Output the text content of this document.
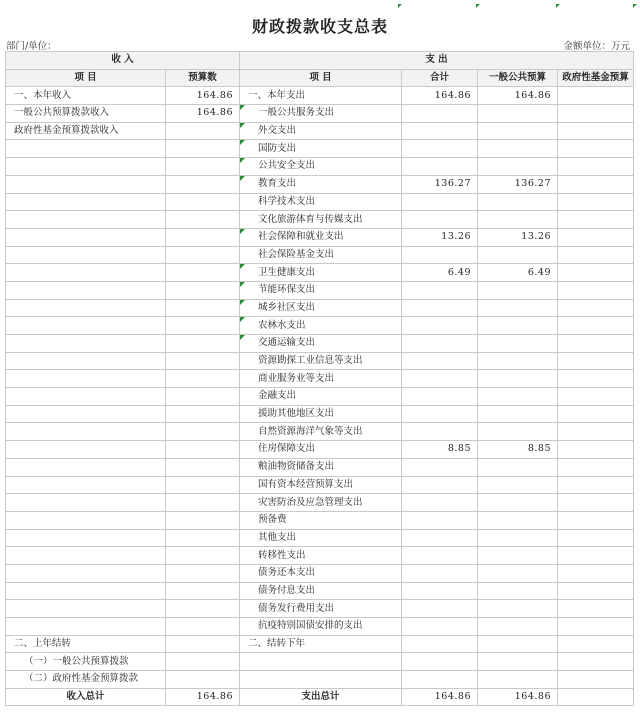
财政拨款收支总表
部门/单位：	金额单位：万元
收 入		支 出			
项 目	预算数	项 目	合计	一般公共预算	政府性基金预算
一、本年收入	164.86	一、本年支出	164.86	164.86	
一般公共预算拨款收入	164.86	一般公共服务支出			
政府性基金预算拨款收入		外交支出			
		国防支出			
		公共安全支出			
		教育支出	136.27	136.27	
		科学技术支出			
		文化旅游体育与传媒支出			
		社会保障和就业支出	13.26	13.26	
		社会保险基金支出			
		卫生健康支出	6.49	6.49	
		节能环保支出			
		城乡社区支出			
		农林水支出			
		交通运输支出			
		资源勘探工业信息等支出			
		商业服务业等支出			
		金融支出			
		援助其他地区支出			
		自然资源海洋气象等支出			
		住房保障支出	8.85	8.85	
		粮油物资储备支出			
		国有资本经营预算支出			
		灾害防治及应急管理支出			
		预备费			
		其他支出			
		转移性支出			
		债务还本支出			
		债务付息支出			
		债务发行费用支出			
		抗疫特别国债安排的支出			
二、上年结转		二、结转下年			
（一）一般公共预算拨款					
（二）政府性基金预算拨款					
收入总计	164.86	支出总计	164.86	164.86	
